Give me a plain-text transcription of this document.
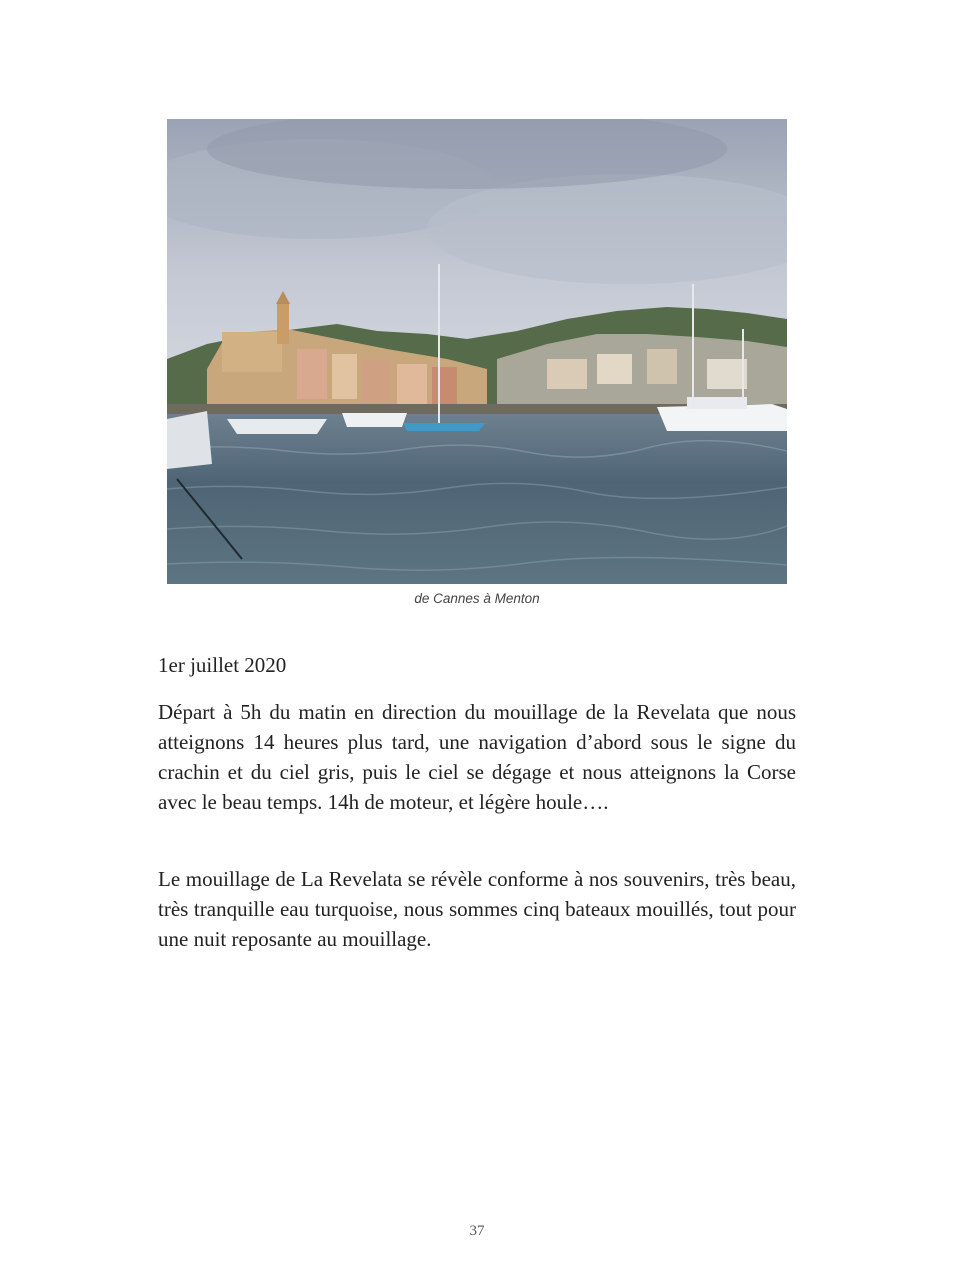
de Cannes à Menton
1er juillet 2020

Départ à 5h du matin en direction du mouillage de la Revelata que nous atteignons 14 heures plus tard, une navigation d’abord sous le signe du crachin et du ciel gris, puis le ciel se dégage et nous atteignons la Corse avec le beau temps. 14h de moteur, et légère houle….

Le mouillage de La Revelata se révèle conforme à nos souvenirs, très beau, très tranquille eau turquoise, nous sommes cinq bateaux mouillés, tout pour une nuit reposante au mouillage.

37
